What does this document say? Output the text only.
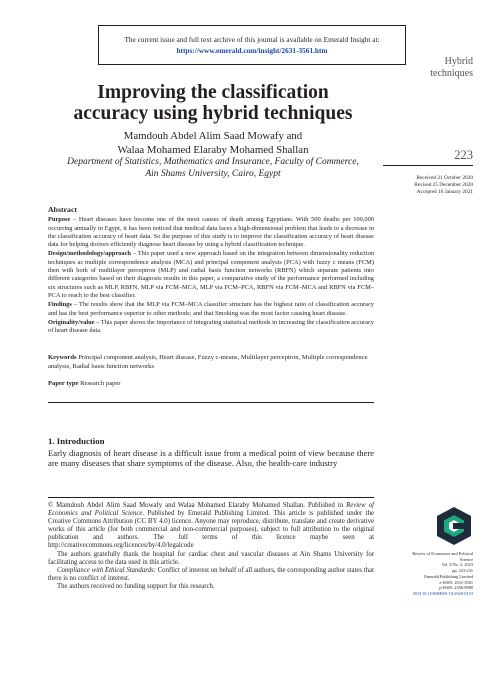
The current issue and full text archive of this journal is available on Emerald Insight at:
https://www.emerald.com/insight/2631-3561.htm
Hybrid
techniques
223
Received 21 October 2020
Revised 25 December 2020
Accepted 16 January 2021
Improving the classification
accuracy using hybrid techniques
Mamdouh Abdel Alim Saad Mowafy and
Walaa Mohamed Elaraby Mohamed Shallan
Department of Statistics, Mathematics and Insurance, Faculty of Commerce,
Ain Shams University, Cairo, Egypt
Abstract

Purpose – Heart diseases have become one of the most causes of death among Egyptians. With 500 deaths per 100,000 occurring annually in Egypt, it has been noticed that medical data faces a high-dimensional problem that leads to a decrease in the classification accuracy of heart data. So the purpose of this study is to improve the classification accuracy of heart disease data for helping doctors efficiently diagnose heart disease by using a hybrid classification technique.

Design/methodology/approach – This paper used a new approach based on the integration between dimensionality reduction techniques as multiple correspondence analysis (MCA) and principal component analysis (PCA) with fuzzy c means (FCM) then with both of multilayer perceptron (MLP) and radial basis function networks (RBFN) which separate patients into different categories based on their diagnosis results in this paper, a comparative study of the performance performed including six structures such as MLP, RBFN, MLP via FCM–MCA, MLP via FCM–PCA, RBFN via FCM–MCA and RBFN via FCM–PCA to reach to the best classifier.

Findings – The results show that the MLP via FCM–MCA classifier structure has the highest ratio of classification accuracy and has the best performance superior to other methods; and that Smoking was the most factor causing heart disease.

Originality/value – This paper shows the importance of integrating statistical methods in increasing the classification accuracy of heart disease data.

Keywords Principal component analysis, Heart disease, Fuzzy c-means, Multilayer perceptron, Multiple correspondence analysis, Radial basis function networks
Paper type Research paper
1. Introduction
Early diagnosis of heart disease is a difficult issue from a medical point of view because there are many diseases that share symptoms of the disease. Also, the health-care industry

© Mamdouh Abdel Alim Saad Mowafy and Walaa Mohamed Elaraby Mohamed Shallan. Published in Review of Economics and Political Science. Published by Emerald Publishing Limited. This article is published under the Creative Commons Attribution (CC BY 4.0) licence. Anyone may reproduce, distribute, translate and create derivative works of this article (for both commercial and non-commercial purposes), subject to full attribution to the original publication and authors. The full terms of this licence maybe seen at http://creativecommons.org/licences/by/4.0/legalcode

The authors gratefully thank the hospital for cardiac chest and vascular diseases at Ain Shams University for facilitating access to the data used in this article.

Compliance with Ethical Standards: Conflict of interest on behalf of all authors, the corresponding author states that there is no conflict of interest.

The authors received no funding support for this research.

Review of Economics and Political
Science
Vol. 8 No. 3, 2023
pp. 223-231
Emerald Publishing Limited
e-ISSN: 2631-3561
p-ISSN: 2356-9980
DOI 10.1108/REPS-10-2020-0153
